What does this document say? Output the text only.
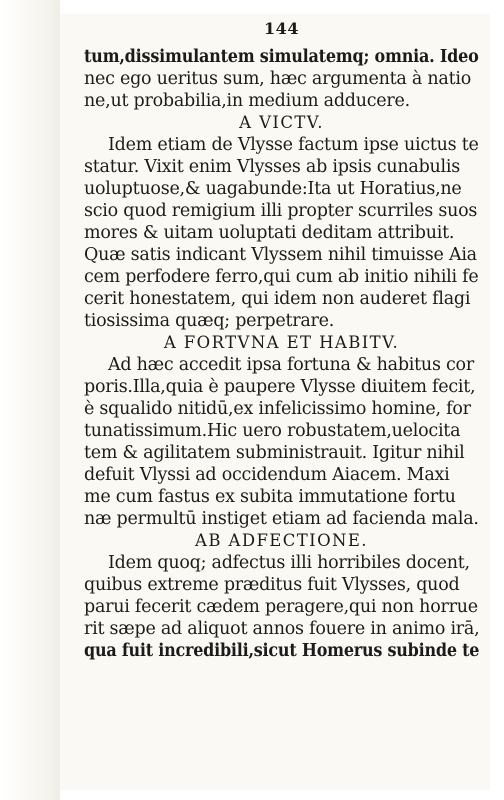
144
tum,dissimulantem simulatemq; omnia. Ideo
nec ego ueritus sum, hæc argumenta à natio
ne,ut probabilia,in medium adducere.
A VICTV.
Idem etiam de Vlysse factum ipse uictus te
statur. Vixit enim Vlysses ab ipsis cunabulis
uoluptuose,& uagabunde:Ita ut Horatius,ne
scio quod remigium illi propter scurriles suos
mores & uitam uoluptati deditam attribuit.
Quæ satis indicant Vlyssem nihil timuisse Aia
cem perfodere ferro,qui cum ab initio nihili fe
cerit honestatem, qui idem non auderet flagi
tiosissima quæq; perpetrare.
A FORTVNA ET HABITV.
Ad hæc accedit ipsa fortuna & habitus cor
poris.Illa,quia è paupere Vlysse diuitem fecit,
è squalido nitidū,ex infelicissimo homine, for
tunatissimum.Hic uero robustatem,uelocita
tem & agilitatem subministrauit. Igitur nihil
defuit Vlyssi ad occidendum Aiacem. Maxi
me cum fastus ex subita immutatione fortu
næ permultū instiget etiam ad facienda mala.
AB ADFECTIONE.
Idem quoq; adfectus illi horribiles docent,
quibus extreme præditus fuit Vlysses, quod
parui fecerit cædem peragere,qui non horrue
rit sæpe ad aliquot annos fouere in animo irā,
qua fuit incredibili,sicut Homerus subinde te
